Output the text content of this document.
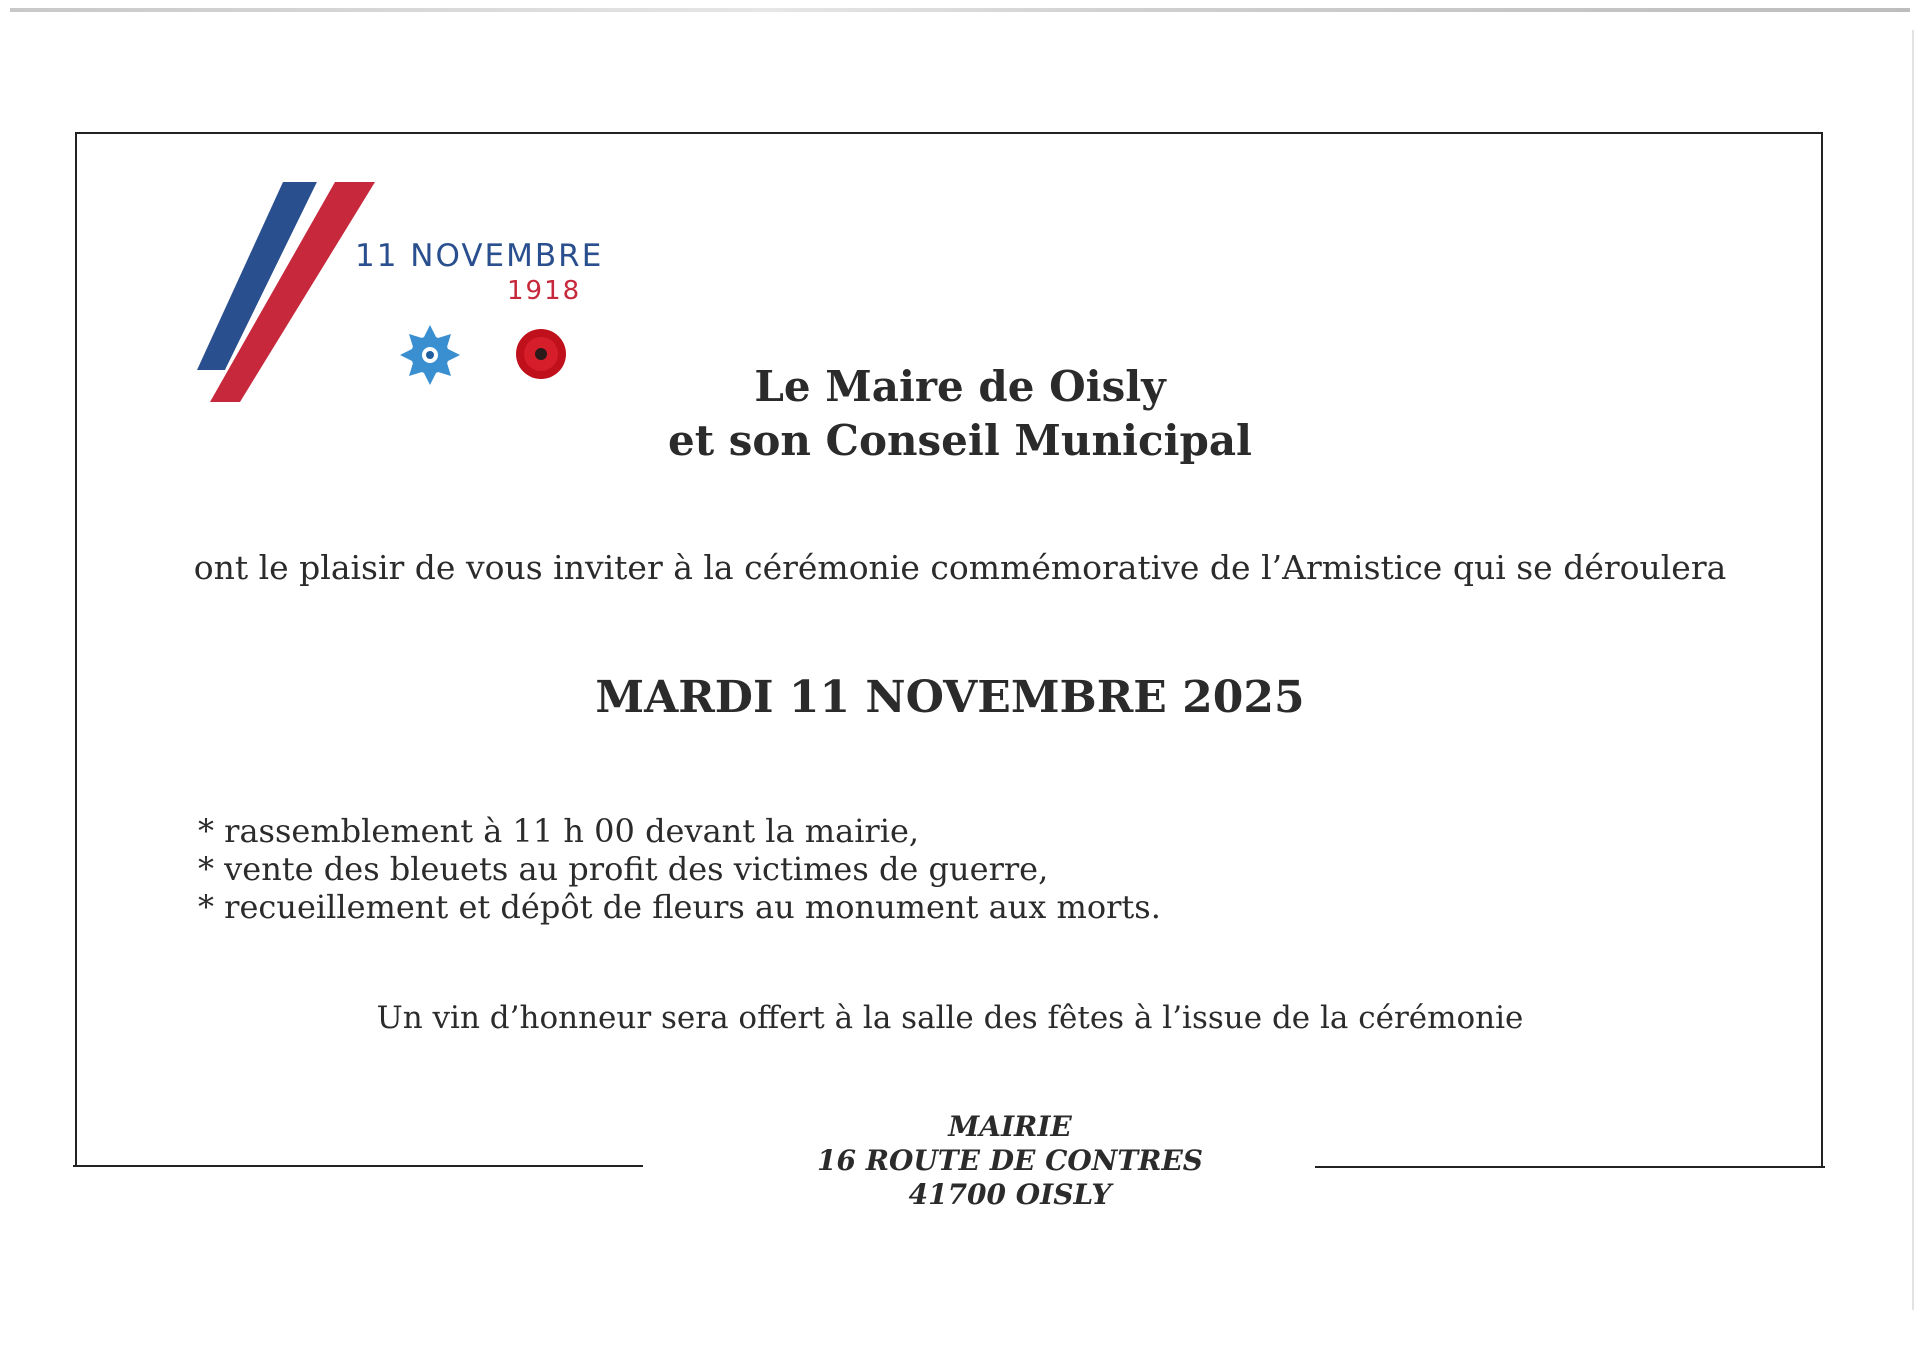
11 NOVEMBRE
1918
Le Maire de Oisly
et son Conseil Municipal
ont le plaisir de vous inviter à la cérémonie commémorative de l’Armistice qui se déroulera
MARDI 11 NOVEMBRE 2025
* rassemblement à 11 h 00 devant la mairie,
* vente des bleuets au profit des victimes de guerre,
* recueillement et dépôt de fleurs au monument aux morts.
Un vin d’honneur sera offert à la salle des fêtes à l’issue de la cérémonie
MAIRIE
16 ROUTE DE CONTRES
41700 OISLY
